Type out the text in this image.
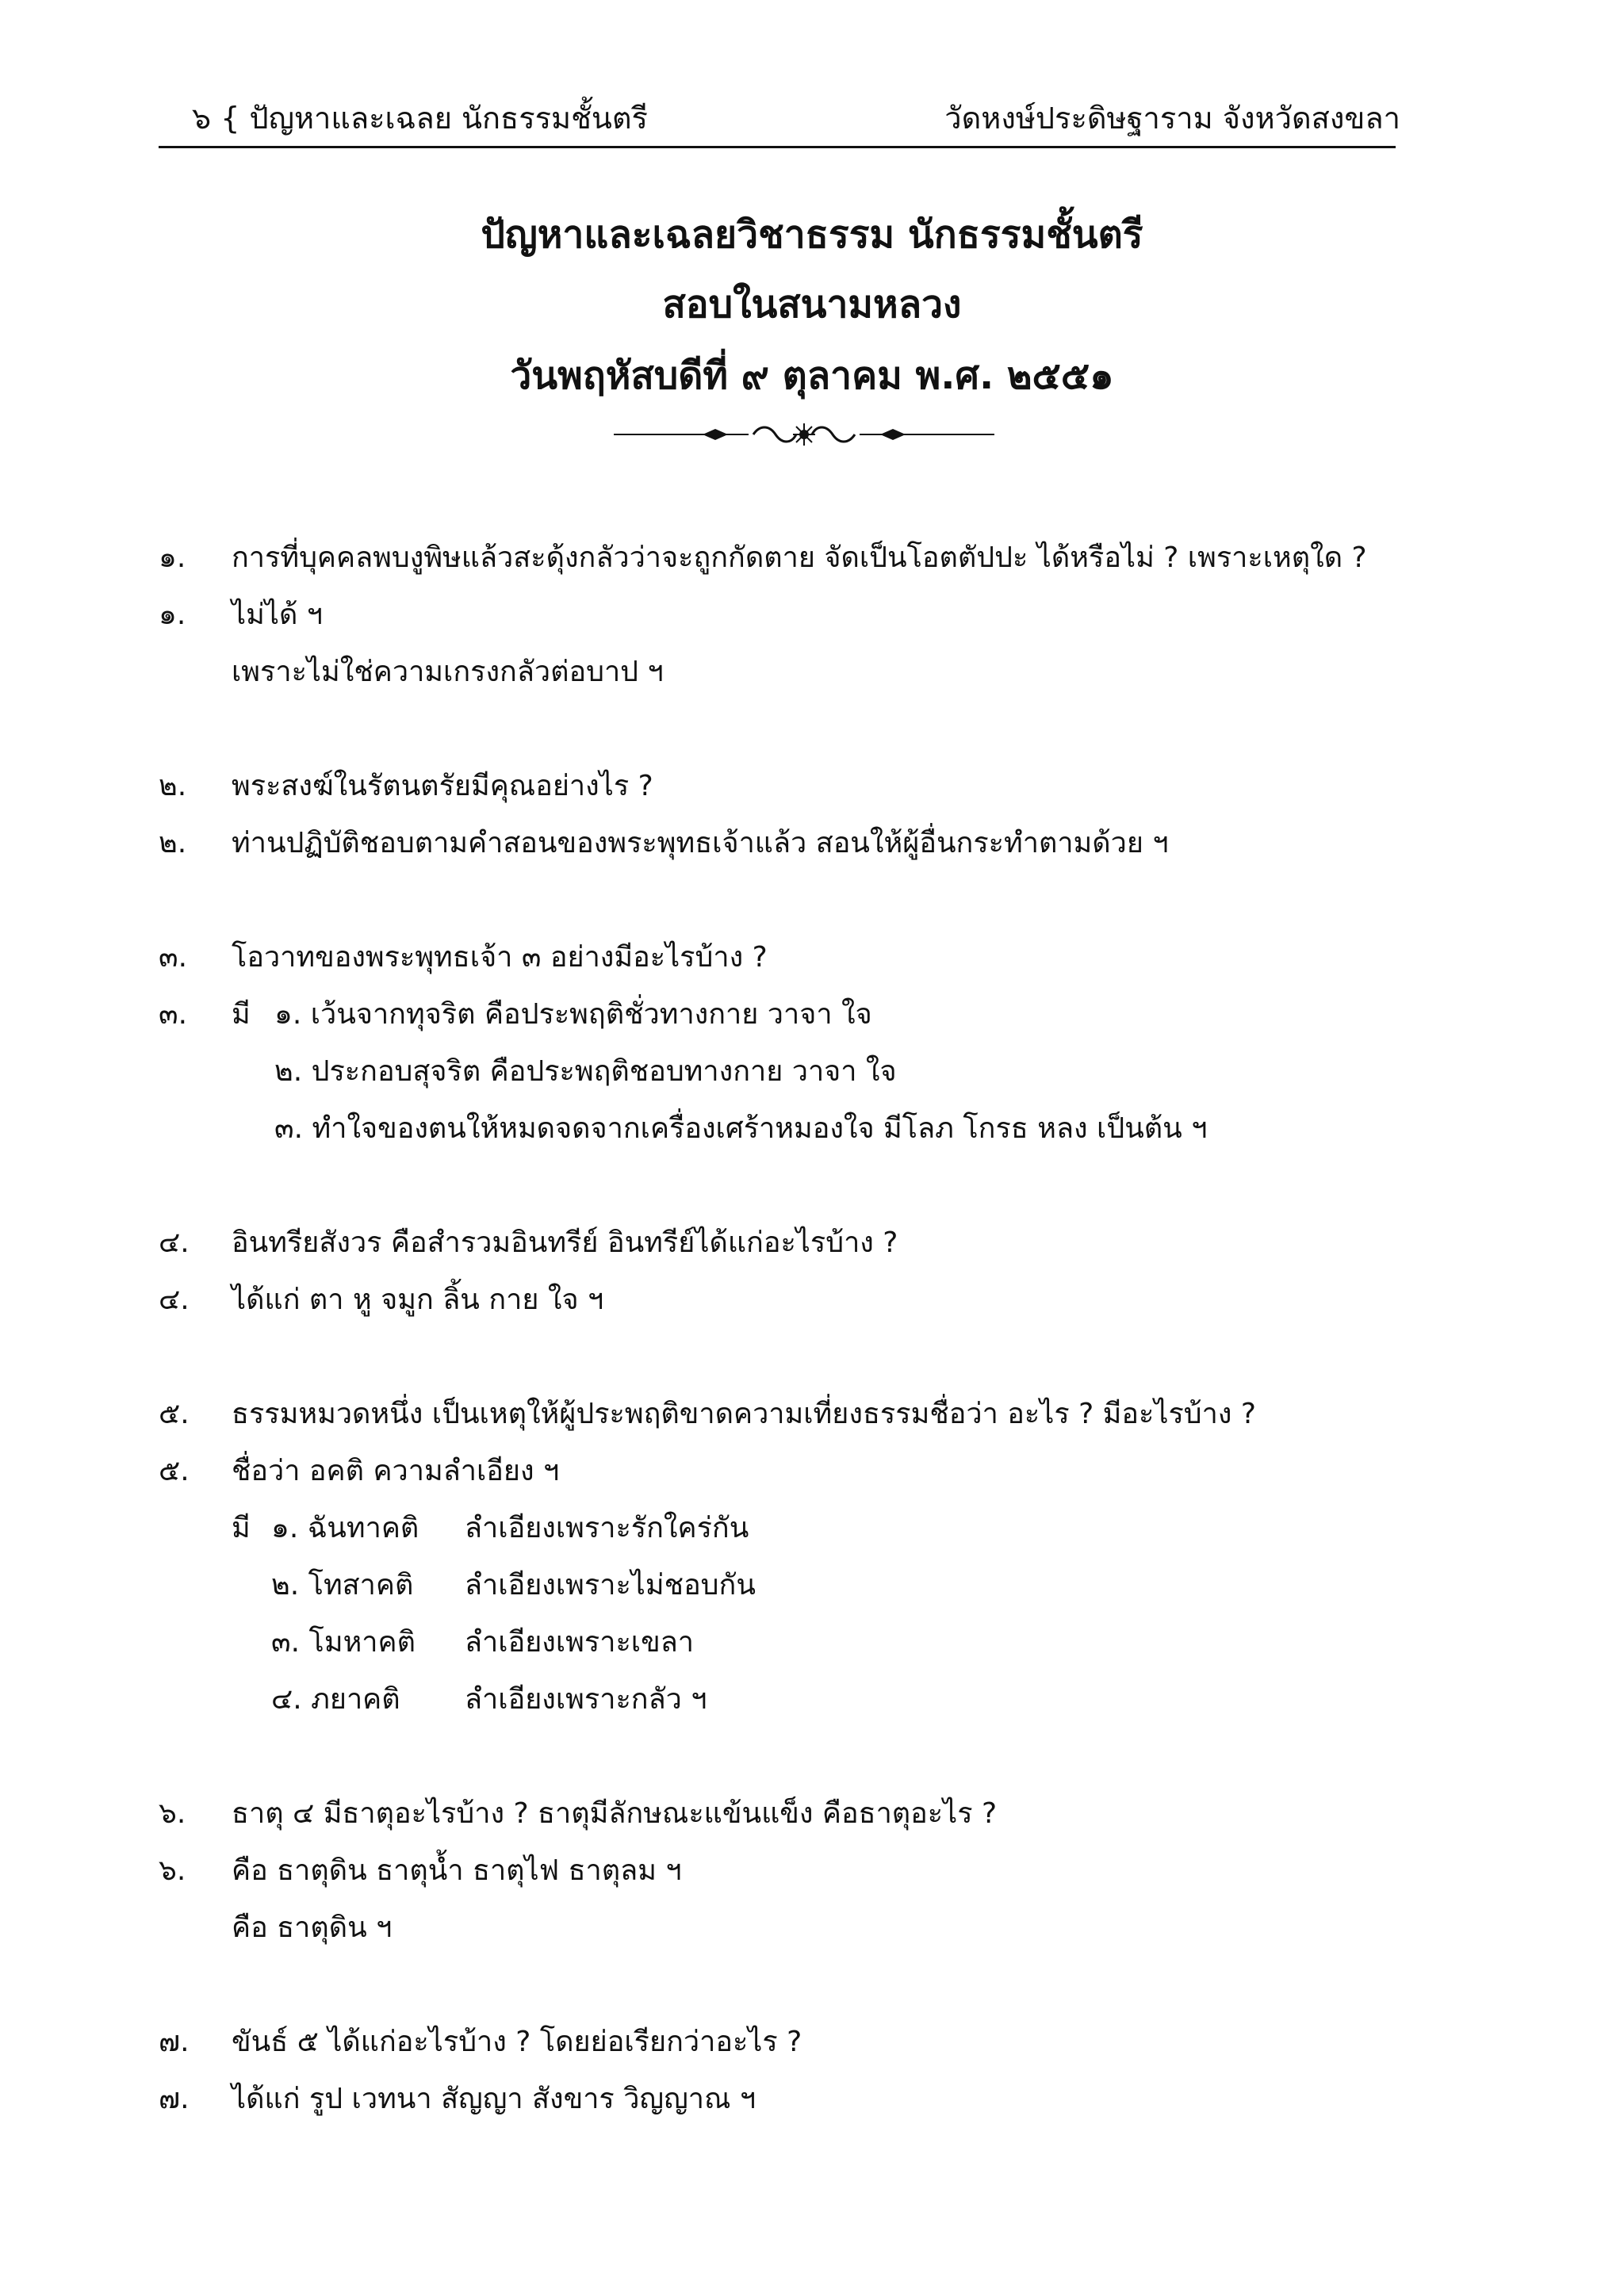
๖ { ปัญหาและเฉลย นักธรรมชั้นตรี	วัดหงษ์ประดิษฐาราม จังหวัดสงขลา
ปัญหาและเฉลยวิชาธรรม นักธรรมชั้นตรี
สอบในสนามหลวง
วันพฤหัสบดีที่ ๙ ตุลาคม พ.ศ. ๒๕๕๑
๑. การที่บุคคลพบงูพิษแล้วสะดุ้งกลัวว่าจะถูกกัดตาย จัดเป็นโอตตัปปะ ได้หรือไม่ ? เพราะเหตุใด ?
๑. ไม่ได้ ฯ
เพราะไม่ใช่ความเกรงกลัวต่อบาป ฯ
๒. พระสงฆ์ในรัตนตรัยมีคุณอย่างไร ?
๒. ท่านปฏิบัติชอบตามคำสอนของพระพุทธเจ้าแล้ว สอนให้ผู้อื่นกระทำตามด้วย ฯ
๓. โอวาทของพระพุทธเจ้า ๓ อย่างมีอะไรบ้าง ?
๓. มี ๑. เว้นจากทุจริต คือประพฤติชั่วทางกาย วาจา ใจ
๒. ประกอบสุจริต คือประพฤติชอบทางกาย วาจา ใจ
๓. ทำใจของตนให้หมดจดจากเครื่องเศร้าหมองใจ มีโลภ โกรธ หลง เป็นต้น ฯ
๔. อินทรียสังวร คือสำรวมอินทรีย์ อินทรีย์ได้แก่อะไรบ้าง ?
๔. ได้แก่ ตา หู จมูก ลิ้น กาย ใจ ฯ
๕. ธรรมหมวดหนึ่ง เป็นเหตุให้ผู้ประพฤติขาดความเที่ยงธรรมชื่อว่า อะไร ? มีอะไรบ้าง ?
๕. ชื่อว่า อคติ ความลำเอียง ฯ
มี ๑. ฉันทาคติ ลำเอียงเพราะรักใคร่กัน
๒. โทสาคติ ลำเอียงเพราะไม่ชอบกัน
๓. โมหาคติ ลำเอียงเพราะเขลา
๔. ภยาคติ ลำเอียงเพราะกลัว ฯ
๖. ธาตุ ๔ มีธาตุอะไรบ้าง ? ธาตุมีลักษณะแข้นแข็ง คือธาตุอะไร ?
๖. คือ ธาตุดิน ธาตุน้ำ ธาตุไฟ ธาตุลม ฯ
คือ ธาตุดิน ฯ
๗. ขันธ์ ๕ ได้แก่อะไรบ้าง ? โดยย่อเรียกว่าอะไร ?
๗. ได้แก่ รูป เวทนา สัญญา สังขาร วิญญาณ ฯ
